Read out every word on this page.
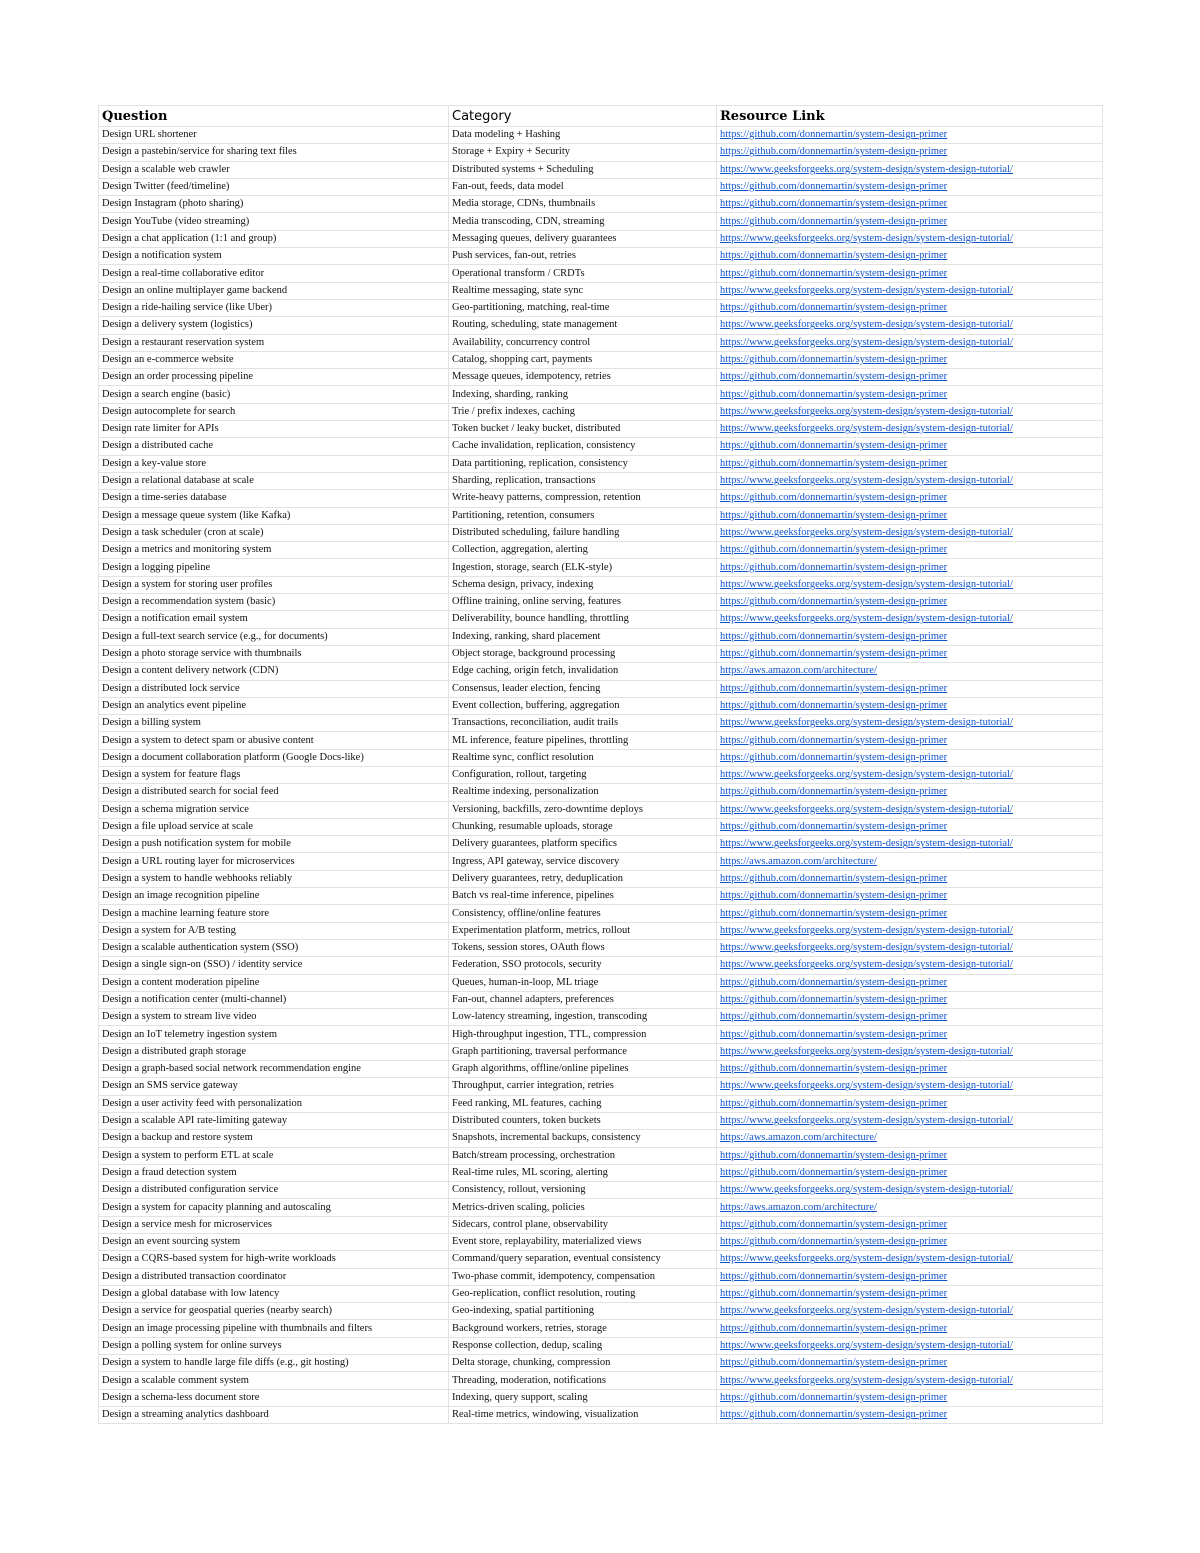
Question	Category	Resource Link
Design URL shortener	Data modeling + Hashing	https://github.com/donnemartin/system-design-primer
Design a pastebin/service for sharing text files	Storage + Expiry + Security	https://github.com/donnemartin/system-design-primer
Design a scalable web crawler	Distributed systems + Scheduling	https://www.geeksforgeeks.org/system-design/system-design-tutorial/
Design Twitter (feed/timeline)	Fan-out, feeds, data model	https://github.com/donnemartin/system-design-primer
Design Instagram (photo sharing)	Media storage, CDNs, thumbnails	https://github.com/donnemartin/system-design-primer
Design YouTube (video streaming)	Media transcoding, CDN, streaming	https://github.com/donnemartin/system-design-primer
Design a chat application (1:1 and group)	Messaging queues, delivery guarantees	https://www.geeksforgeeks.org/system-design/system-design-tutorial/
Design a notification system	Push services, fan-out, retries	https://github.com/donnemartin/system-design-primer
Design a real-time collaborative editor	Operational transform / CRDTs	https://github.com/donnemartin/system-design-primer
Design an online multiplayer game backend	Realtime messaging, state sync	https://www.geeksforgeeks.org/system-design/system-design-tutorial/
Design a ride-hailing service (like Uber)	Geo-partitioning, matching, real-time	https://github.com/donnemartin/system-design-primer
Design a delivery system (logistics)	Routing, scheduling, state management	https://www.geeksforgeeks.org/system-design/system-design-tutorial/
Design a restaurant reservation system	Availability, concurrency control	https://www.geeksforgeeks.org/system-design/system-design-tutorial/
Design an e-commerce website	Catalog, shopping cart, payments	https://github.com/donnemartin/system-design-primer
Design an order processing pipeline	Message queues, idempotency, retries	https://github.com/donnemartin/system-design-primer
Design a search engine (basic)	Indexing, sharding, ranking	https://github.com/donnemartin/system-design-primer
Design autocomplete for search	Trie / prefix indexes, caching	https://www.geeksforgeeks.org/system-design/system-design-tutorial/
Design rate limiter for APIs	Token bucket / leaky bucket, distributed	https://www.geeksforgeeks.org/system-design/system-design-tutorial/
Design a distributed cache	Cache invalidation, replication, consistency	https://github.com/donnemartin/system-design-primer
Design a key-value store	Data partitioning, replication, consistency	https://github.com/donnemartin/system-design-primer
Design a relational database at scale	Sharding, replication, transactions	https://www.geeksforgeeks.org/system-design/system-design-tutorial/
Design a time-series database	Write-heavy patterns, compression, retention	https://github.com/donnemartin/system-design-primer
Design a message queue system (like Kafka)	Partitioning, retention, consumers	https://github.com/donnemartin/system-design-primer
Design a task scheduler (cron at scale)	Distributed scheduling, failure handling	https://www.geeksforgeeks.org/system-design/system-design-tutorial/
Design a metrics and monitoring system	Collection, aggregation, alerting	https://github.com/donnemartin/system-design-primer
Design a logging pipeline	Ingestion, storage, search (ELK-style)	https://github.com/donnemartin/system-design-primer
Design a system for storing user profiles	Schema design, privacy, indexing	https://www.geeksforgeeks.org/system-design/system-design-tutorial/
Design a recommendation system (basic)	Offline training, online serving, features	https://github.com/donnemartin/system-design-primer
Design a notification email system	Deliverability, bounce handling, throttling	https://www.geeksforgeeks.org/system-design/system-design-tutorial/
Design a full-text search service (e.g., for documents)	Indexing, ranking, shard placement	https://github.com/donnemartin/system-design-primer
Design a photo storage service with thumbnails	Object storage, background processing	https://github.com/donnemartin/system-design-primer
Design a content delivery network (CDN)	Edge caching, origin fetch, invalidation	https://aws.amazon.com/architecture/
Design a distributed lock service	Consensus, leader election, fencing	https://github.com/donnemartin/system-design-primer
Design an analytics event pipeline	Event collection, buffering, aggregation	https://github.com/donnemartin/system-design-primer
Design a billing system	Transactions, reconciliation, audit trails	https://www.geeksforgeeks.org/system-design/system-design-tutorial/
Design a system to detect spam or abusive content	ML inference, feature pipelines, throttling	https://github.com/donnemartin/system-design-primer
Design a document collaboration platform (Google Docs-like)	Realtime sync, conflict resolution	https://github.com/donnemartin/system-design-primer
Design a system for feature flags	Configuration, rollout, targeting	https://www.geeksforgeeks.org/system-design/system-design-tutorial/
Design a distributed search for social feed	Realtime indexing, personalization	https://github.com/donnemartin/system-design-primer
Design a schema migration service	Versioning, backfills, zero-downtime deploys	https://www.geeksforgeeks.org/system-design/system-design-tutorial/
Design a file upload service at scale	Chunking, resumable uploads, storage	https://github.com/donnemartin/system-design-primer
Design a push notification system for mobile	Delivery guarantees, platform specifics	https://www.geeksforgeeks.org/system-design/system-design-tutorial/
Design a URL routing layer for microservices	Ingress, API gateway, service discovery	https://aws.amazon.com/architecture/
Design a system to handle webhooks reliably	Delivery guarantees, retry, deduplication	https://github.com/donnemartin/system-design-primer
Design an image recognition pipeline	Batch vs real-time inference, pipelines	https://github.com/donnemartin/system-design-primer
Design a machine learning feature store	Consistency, offline/online features	https://github.com/donnemartin/system-design-primer
Design a system for A/B testing	Experimentation platform, metrics, rollout	https://www.geeksforgeeks.org/system-design/system-design-tutorial/
Design a scalable authentication system (SSO)	Tokens, session stores, OAuth flows	https://www.geeksforgeeks.org/system-design/system-design-tutorial/
Design a single sign-on (SSO) / identity service	Federation, SSO protocols, security	https://www.geeksforgeeks.org/system-design/system-design-tutorial/
Design a content moderation pipeline	Queues, human-in-loop, ML triage	https://github.com/donnemartin/system-design-primer
Design a notification center (multi-channel)	Fan-out, channel adapters, preferences	https://github.com/donnemartin/system-design-primer
Design a system to stream live video	Low-latency streaming, ingestion, transcoding	https://github.com/donnemartin/system-design-primer
Design an IoT telemetry ingestion system	High-throughput ingestion, TTL, compression	https://github.com/donnemartin/system-design-primer
Design a distributed graph storage	Graph partitioning, traversal performance	https://www.geeksforgeeks.org/system-design/system-design-tutorial/
Design a graph-based social network recommendation engine	Graph algorithms, offline/online pipelines	https://github.com/donnemartin/system-design-primer
Design an SMS service gateway	Throughput, carrier integration, retries	https://www.geeksforgeeks.org/system-design/system-design-tutorial/
Design a user activity feed with personalization	Feed ranking, ML features, caching	https://github.com/donnemartin/system-design-primer
Design a scalable API rate-limiting gateway	Distributed counters, token buckets	https://www.geeksforgeeks.org/system-design/system-design-tutorial/
Design a backup and restore system	Snapshots, incremental backups, consistency	https://aws.amazon.com/architecture/
Design a system to perform ETL at scale	Batch/stream processing, orchestration	https://github.com/donnemartin/system-design-primer
Design a fraud detection system	Real-time rules, ML scoring, alerting	https://github.com/donnemartin/system-design-primer
Design a distributed configuration service	Consistency, rollout, versioning	https://www.geeksforgeeks.org/system-design/system-design-tutorial/
Design a system for capacity planning and autoscaling	Metrics-driven scaling, policies	https://aws.amazon.com/architecture/
Design a service mesh for microservices	Sidecars, control plane, observability	https://github.com/donnemartin/system-design-primer
Design an event sourcing system	Event store, replayability, materialized views	https://github.com/donnemartin/system-design-primer
Design a CQRS-based system for high-write workloads	Command/query separation, eventual consistency	https://www.geeksforgeeks.org/system-design/system-design-tutorial/
Design a distributed transaction coordinator	Two-phase commit, idempotency, compensation	https://github.com/donnemartin/system-design-primer
Design a global database with low latency	Geo-replication, conflict resolution, routing	https://github.com/donnemartin/system-design-primer
Design a service for geospatial queries (nearby search)	Geo-indexing, spatial partitioning	https://www.geeksforgeeks.org/system-design/system-design-tutorial/
Design an image processing pipeline with thumbnails and filters	Background workers, retries, storage	https://github.com/donnemartin/system-design-primer
Design a polling system for online surveys	Response collection, dedup, scaling	https://www.geeksforgeeks.org/system-design/system-design-tutorial/
Design a system to handle large file diffs (e.g., git hosting)	Delta storage, chunking, compression	https://github.com/donnemartin/system-design-primer
Design a scalable comment system	Threading, moderation, notifications	https://www.geeksforgeeks.org/system-design/system-design-tutorial/
Design a schema-less document store	Indexing, query support, scaling	https://github.com/donnemartin/system-design-primer
Design a streaming analytics dashboard	Real-time metrics, windowing, visualization	https://github.com/donnemartin/system-design-primer
